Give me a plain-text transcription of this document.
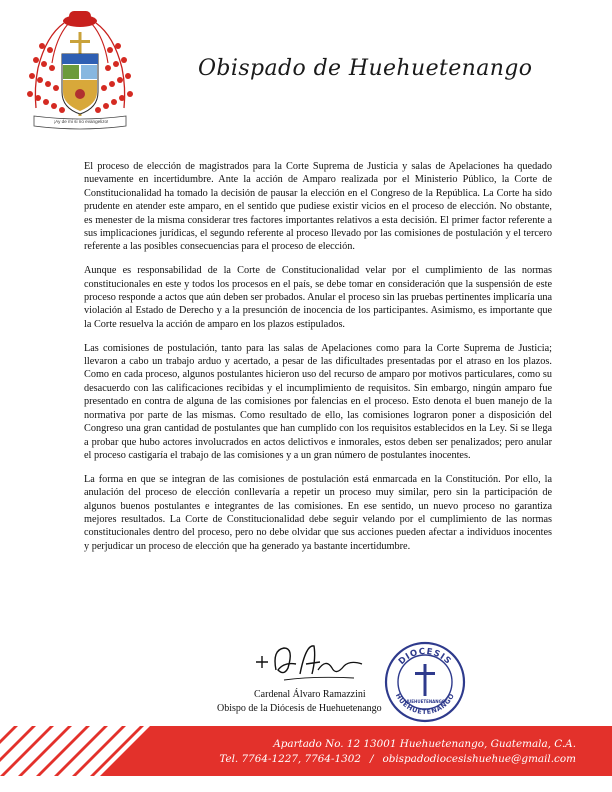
¡Ay de mi si no evangelizo!
Obispado de Huehuetenango

El proceso de elección de magistrados para la Corte Suprema de Justicia y salas de Apelaciones ha quedado nuevamente en incertidumbre. Ante la acción de Amparo realizada por el Ministerio Público, la Corte de Constitucionalidad ha tomado la decisión de pausar la elección en el Congreso de la República. La Corte ha sido prudente en atender este amparo, en el sentido que pudiese existir vicios en el proceso de elección. No obstante, es menester de la misma considerar tres factores importantes relativos a esta decisión. El primer factor referente a sus implicaciones jurídicas, el segundo referente al proceso llevado por las comisiones de postulación y el tercero referente a las posibles consecuencias para el proceso de elección.

Aunque es responsabilidad de la Corte de Constitucionalidad velar por el cumplimiento de las normas constitucionales en este y todos los procesos en el país, se debe tomar en consideración que la suspensión de este proceso responde a actos que aún deben ser probados. Anular el proceso sin las pruebas pertinentes implicaría una violación al Estado de Derecho y a la presunción de inocencia de los participantes. Asimismo, es importante que la Corte resuelva la acción de amparo en los plazos estipulados.

Las comisiones de postulación, tanto para las salas de Apelaciones como para la Corte Suprema de Justicia; llevaron a cabo un trabajo arduo y acertado, a pesar de las dificultades presentadas por el atraso en los plazos. Como en cada proceso, algunos postulantes hicieron uso del recurso de amparo por motivos particulares, como su desacuerdo con las calificaciones recibidas y el incumplimiento de requisitos. Sin embargo, ningún amparo fue presentado en contra de alguna de las comisiones por falencias en el proceso. Esto denota el buen manejo de la normativa por parte de las mismas. Como resultado de ello, las comisiones lograron poner a disposición del Congreso una gran cantidad de postulantes que han cumplido con los requisitos establecidos en la Ley. Si se llega a probar que hubo actores involucrados en actos delictivos e inmorales, estos deben ser penalizados; pero anular el proceso castigaría el trabajo de las comisiones y a un gran número de postulantes inocentes.

La forma en que se integran de las comisiones de postulación está enmarcada en la Constitución. Por ello, la anulación del proceso de elección conllevaría a repetir un proceso muy similar, pero sin la participación de algunos buenos postulantes e integrantes de las comisiones. En ese sentido, un nuevo proceso no garantiza mejores resultados. La Corte de Constitucionalidad debe seguir velando por el cumplimiento de las normas constitucionales dentro del proceso, pero no debe olvidar que sus acciones pueden afectar a individuos inocentes y perjudicar un proceso de elección que ha generado ya bastante incertidumbre.

Cardenal Álvaro Ramazzini
Obispo de la Diócesis de Huehuetenango
DIOCESIS
HUEHUETENANGO
HUEHUETENANGO
Apartado No. 12 13001 Huehuetenango, Guatemala, C.A.
Tel. 7764-1227, 7764-1302 / obispadodiocesishuehue@gmail.com
